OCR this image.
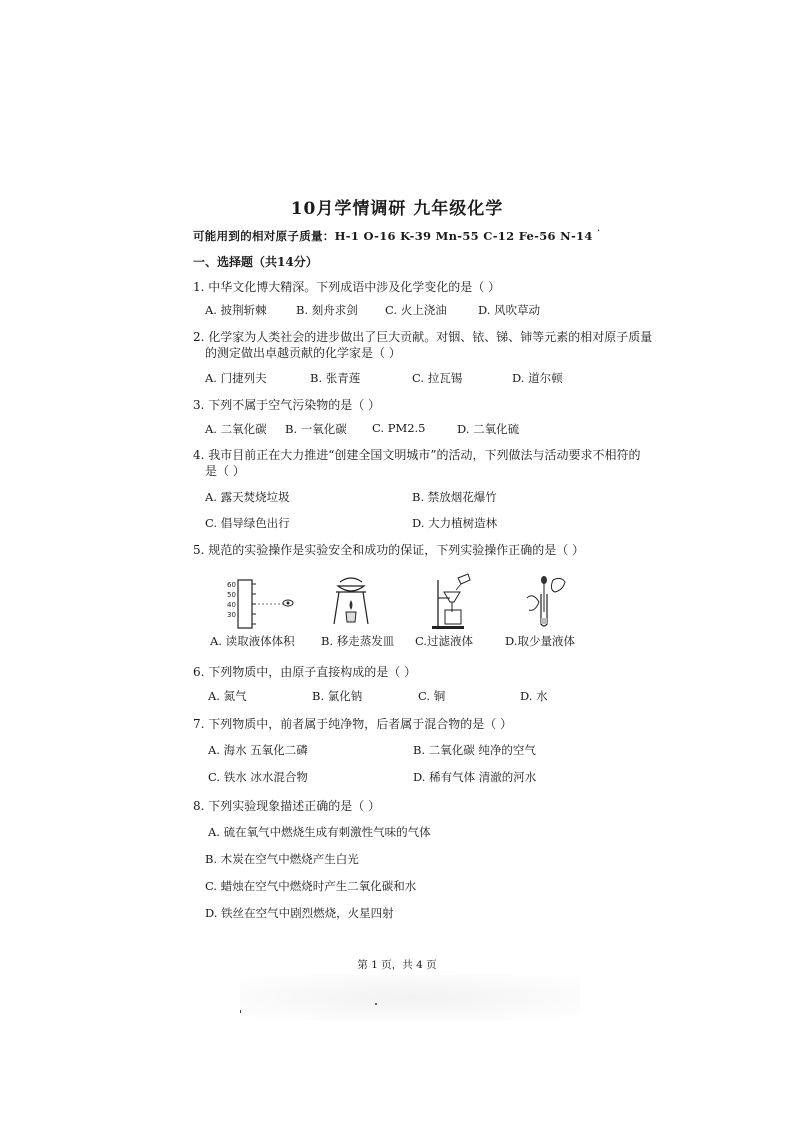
10月学情调研 九年级化学
可能用到的相对原子质量：H-1 O-16 K-39 Mn-55 C-12 Fe-56 N-14 ·
一、选择题（共14分）
1. 中华文化博大精深。下列成语中涉及化学变化的是（ ）
A. 披荆斩棘	B. 刻舟求剑 C. 火上浇油	D. 风吹草动
2. 化学家为人类社会的进步做出了巨大贡献。对铟、铱、锑、铈等元素的相对原子质量
的测定做出卓越贡献的化学家是（ ）
A. 门捷列夫	B. 张青莲	C. 拉瓦锡	D. 道尔顿
3. 下列不属于空气污染物的是（ ）
A. 二氧化碳 B. 一氧化碳 C. PM2.5	D. 二氧化硫
4. 我市目前正在大力推进“创建全国文明城市”的活动，下列做法与活动要求不相符的
是（ ）
A. 露天焚烧垃圾	B. 禁放烟花爆竹
C. 倡导绿色出行	D. 大力植树造林
5. 规范的实验操作是实验安全和成功的保证，下列实验操作正确的是（ ）
60
50
40
30
A. 读取液体体积 B. 移走蒸发皿 C.过滤液体	D.取少量液体
6. 下列物质中，由原子直接构成的是（ ）
A. 氮气	B. 氯化钠	C. 铜	D. 水
7. 下列物质中，前者属于纯净物，后者属于混合物的是（ ）
A. 海水 五氧化二磷	B. 二氧化碳 纯净的空气
C. 铁水 冰水混合物	D. 稀有气体 清澈的河水
8. 下列实验现象描述正确的是（ ）
A. 硫在氧气中燃烧生成有刺激性气味的气体
B. 木炭在空气中燃烧产生白光
C. 蜡烛在空气中燃烧时产生二氧化碳和水
D. 铁丝在空气中剧烈燃烧，火星四射
第 1 页，共 4 页
